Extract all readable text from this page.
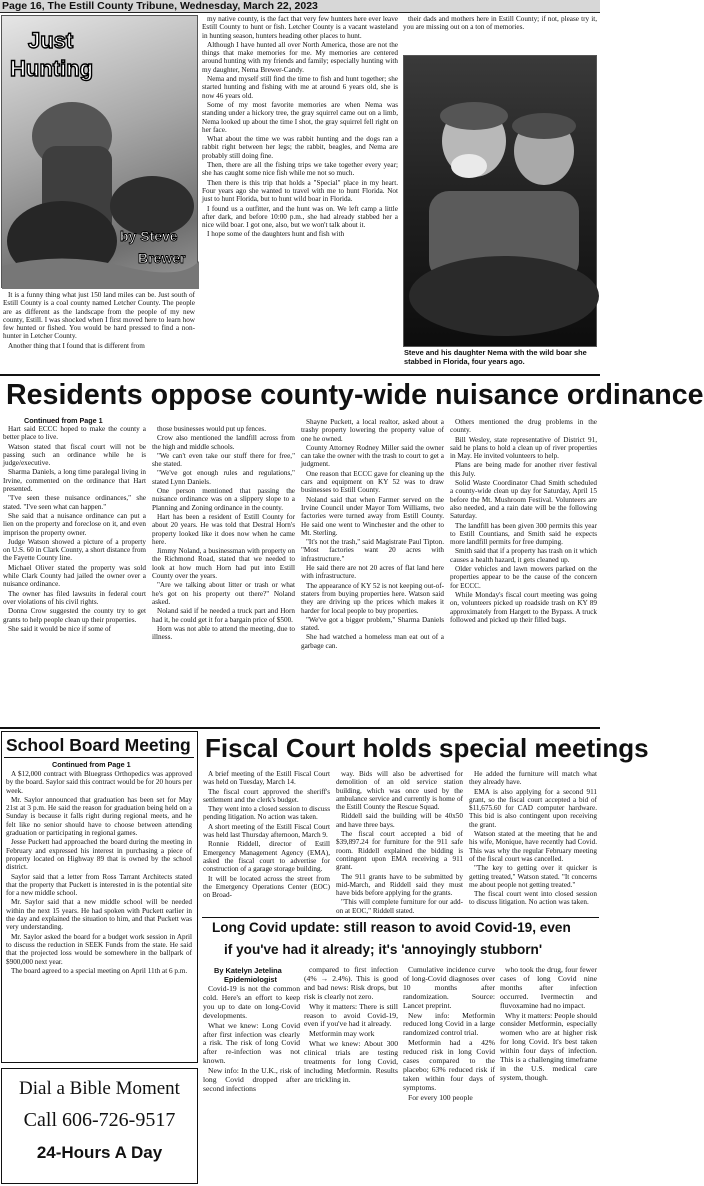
Page 16, The Estill County Tribune, Wednesday, March 22, 2023
Just
Hunting
by Steve
Brewer

It is a funny thing what just 150 land miles can be. Just south of Estill County is a coal county named Letcher County. The people are as different as the landscape from the people of my new county, Estill. I was shocked when I first moved here to learn how few hunted or fished. You would be hard pressed to find a non-hunter in Letcher County.

Another thing that I found that is different from

my native county, is the fact that very few hunters here ever leave Estill County to hunt or fish. Letcher County is a vacant wasteland in hunting season, hunters heading other places to hunt.

Although I have hunted all over North America, those are not the things that make memories for me. My memories are centered around hunting with my friends and family; especially hunting with my daughter, Nema Brewer-Candy.

Nema and myself still find the time to fish and hunt together; she started hunting and fishing with me at around 6 years old, she is now 46 years old.

Some of my most favorite memories are when Nema was standing under a hickory tree, the gray squirrel came out on a limb, Nema looked up about the time I shot, the gray squirrel fell right on her face.

What about the time we was rabbit hunting and the dogs ran a rabbit right between her legs; the rabbit, beagles, and Nema are probably still doing fine.

Then, there are all the fishing trips we take together every year; she has caught some nice fish while me not so much.

Then there is this trip that holds a "Special" place in my heart. Four years ago she wanted to travel with me to hunt Florida. Not just to hunt Florida, but to hunt wild boar in Florida.

I found us a outfitter, and the hunt was on. We left camp a little after dark, and before 10:00 p.m., she had already stabbed her a nice wild boar. I got one, also, but we won't talk about it.

I hope some of the daughters hunt and fish with

their dads and mothers here in Estill County; if not, please try it, you are missing out on a ton of memories.

Steve and his daughter Nema with the wild boar she stabbed in Florida, four years ago.
Residents oppose county-wide nuisance ordinance
Continued from Page 1

Hart said ECCC hoped to make the county a better place to live.

Watson stated that fiscal court will not be passing such an ordinance while he is judge/executive.

Sharma Daniels, a long time paralegal living in Irvine, commented on the ordinance that Hart presented.

"I've seen these nuisance ordinances," she stated. "I've seen what can happen."

She said that a nuisance ordinance can put a lien on the property and foreclose on it, and even imprison the property owner.

Judge Watson showed a picture of a property on U.S. 60 in Clark County, a short distance from the Fayette County line.

Michael Oliver stated the property was sold while Clark County had jailed the owner over a nuisance ordinance.

The owner has filed lawsuits in federal court over violations of his civil rights.

Donna Crow suggested the county try to get grants to help people clean up their properties.

She said it would be nice if some of

those businesses would put up fences.

Crow also mentioned the landfill across from the high and middle schools.

"We can't even take our stuff there for free," she stated.

"We've got enough rules and regulations," stated Lynn Daniels.

One person mentioned that passing the nuisance ordinance was on a slippery slope to a Planning and Zoning ordinance in the county.

Hart has been a resident of Estill County for about 20 years. He was told that Destral Horn's property looked like it does now when he came here.

Jimmy Noland, a businessman with property on the Richmond Road, stated that we needed to look at how much Horn had put into Estill County over the years.

"Are we talking about litter or trash or what he's got on his property out there?" Noland asked.

Noland said if he needed a truck part and Horn had it, he could get it for a bargain price of $500.

Horn was not able to attend the meeting, due to illness.

Shayne Puckett, a local realtor, asked about a trashy property lowering the property value of one he owned.

County Attorney Rodney Miller said the owner can take the owner with the trash to court to get a judgment.

One reason that ECCC gave for cleaning up the cars and equipment on KY 52 was to draw businesses to Estill County.

Noland said that when Farmer served on the Irvine Council under Mayor Tom Williams, two factories were turned away from Estill County. He said one went to Winchester and the other to Mt. Sterling.

"It's not the trash," said Magistrate Paul Tipton. "Most factories want 20 acres with infrastructure."

He said there are not 20 acres of flat land here with infrastructure.

The appearance of KY 52 is not keeping out-of-staters from buying properties here. Watson said they are driving up the prices which makes it harder for local people to buy properties.

"We've got a bigger problem," Sharma Daniels stated.

She had watched a homeless man eat out of a garbage can.

Others mentioned the drug problems in the county.

Bill Wesley, state representative of District 91, said he plans to hold a clean up of river properties in May. He invited volunteers to help.

Plans are being made for another river festival this July.

Solid Waste Coordinator Chad Smith scheduled a county-wide clean up day for Saturday, April 15 before the Mt. Mushroom Festival. Volunteers are also needed, and a rain date will be the following Saturday.

The landfill has been given 300 permits this year to Estill Countians, and Smith said he expects more landfill permits for free dumping.

Smith said that if a property has trash on it which causes a health hazard, it gets cleaned up.

Older vehicles and lawn mowers parked on the properties appear to be the cause of the concern for ECCC.

While Monday's fiscal court meeting was going on, volunteers picked up roadside trash on KY 89 approximately from Hargett to the Bypass. A truck followed and picked up their filled bags.

School Board Meeting
Continued from Page 1

A $12,000 contract with Bluegrass Orthopedics was approved by the board. Saylor said this contract would be for 20 hours per week.

Mr. Saylor announced that graduation has been set for May 21st at 3 p.m. He said the reason for graduation being held on a Sunday is because it falls right during regional meets, and he felt like no senior should have to choose between attending graduation or participating in regional games.

Jesse Puckett had approached the board during the meeting in February and expressed his interest in purchasing a piece of property located on Highway 89 that is owned by the school district.

Saylor said that a letter from Ross Tarrant Architects stated that the property that Puckett is interested in is the potential site for a new middle school.

Mr. Saylor said that a new middle school will be needed within the next 15 years. He had spoken with Puckett earlier in the day and explained the situation to him, and that Puckett was very understanding.

Mr. Saylor asked the board for a budget work session in April to discuss the reduction in SEEK Funds from the state. He said that the projected loss would be somewhere in the ballpark of $900,000 next year.

The board agreed to a special meeting on April 11th at 6 p.m.

Dial a Bible Moment
Call 606-726-9517
24-Hours A Day
Fiscal Court holds special meetings

A brief meeting of the Estill Fiscal Court was held on Tuesday, March 14.

The fiscal court approved the sheriff's settlement and the clerk's budget.

They went into a closed session to discuss pending litigation. No action was taken.

A short meeting of the Estill Fiscal Court was held last Thursday afternoon, March 9.

Ronnie Riddell, director of Estill Emergency Management Agency (EMA), asked the fiscal court to advertise for construction of a garage storage building.

It will be located across the street from the Emergency Operations Center (EOC) on Broad-

way. Bids will also be advertised for demolition of an old service station building, which was once used by the ambulance service and currently is home of the Estill County the Rescue Squad.

Riddell said the building will be 40x50 and have three bays.

The fiscal court accepted a bid of $39,897.24 for furniture for the 911 safe room. Riddell explained the bidding is contingent upon EMA receiving a 911 grant.

The 911 grants have to be submitted by mid-March, and Riddell said they must have bids before applying for the grants.

"This will complete furniture for our add-on at EOC," Riddell stated.

He added the furniture will match what they already have.

EMA is also applying for a second 911 grant, so the fiscal court accepted a bid of $11,675.60 for CAD computer hardware. This bid is also contingent upon receiving the grant.

Watson stated at the meeting that he and his wife, Monique, have recently had Covid. This was why the regular February meeting of the fiscal court was cancelled.

"The key to getting over it quicker is getting treated," Watson stated. "It concerns me about people not getting treated."

The fiscal court went into closed session to discuss litigation. No action was taken.

Long Covid update: still reason to avoid Covid-19, even
if you've had it already; it's 'annoyingly stubborn'
By Katelyn Jetelina
Epidemiologist

Covid-19 is not the common cold. Here's an effort to keep you up to date on long-Covid developments.

What we knew: Long Covid after first infection was clearly a risk. The risk of long Covid after re-infection was not known.

New info: In the U.K., risk of long Covid dropped after second infections

compared to first infection (4% → 2.4%). This is good and bad news: Risk drops, but risk is clearly not zero.

Why it matters: There is still reason to avoid Covid-19, even if you've had it already.

Metformin may work

What we knew: About 300 clinical trials are testing treatments for long Covid, including Metformin. Results are trickling in.

Cumulative incidence curve of long-Covid diagnoses over 10 months after randomization. Source: Lancet preprint.

New info: Metformin reduced long Covid in a large randomized control trial.

Metformin had a 42% reduced risk in long Covid cases compared to the placebo; 63% reduced risk if taken within four days of symptoms.

For every 100 people

who took the drug, four fewer cases of long Covid nine months after infection occurred. Ivermectin and fluvoxamine had no impact.

Why it matters: People should consider Metformin, especially women who are at higher risk for long Covid. It's best taken within four days of infection. This is a challenging timeframe in the U.S. medical care system, though.
